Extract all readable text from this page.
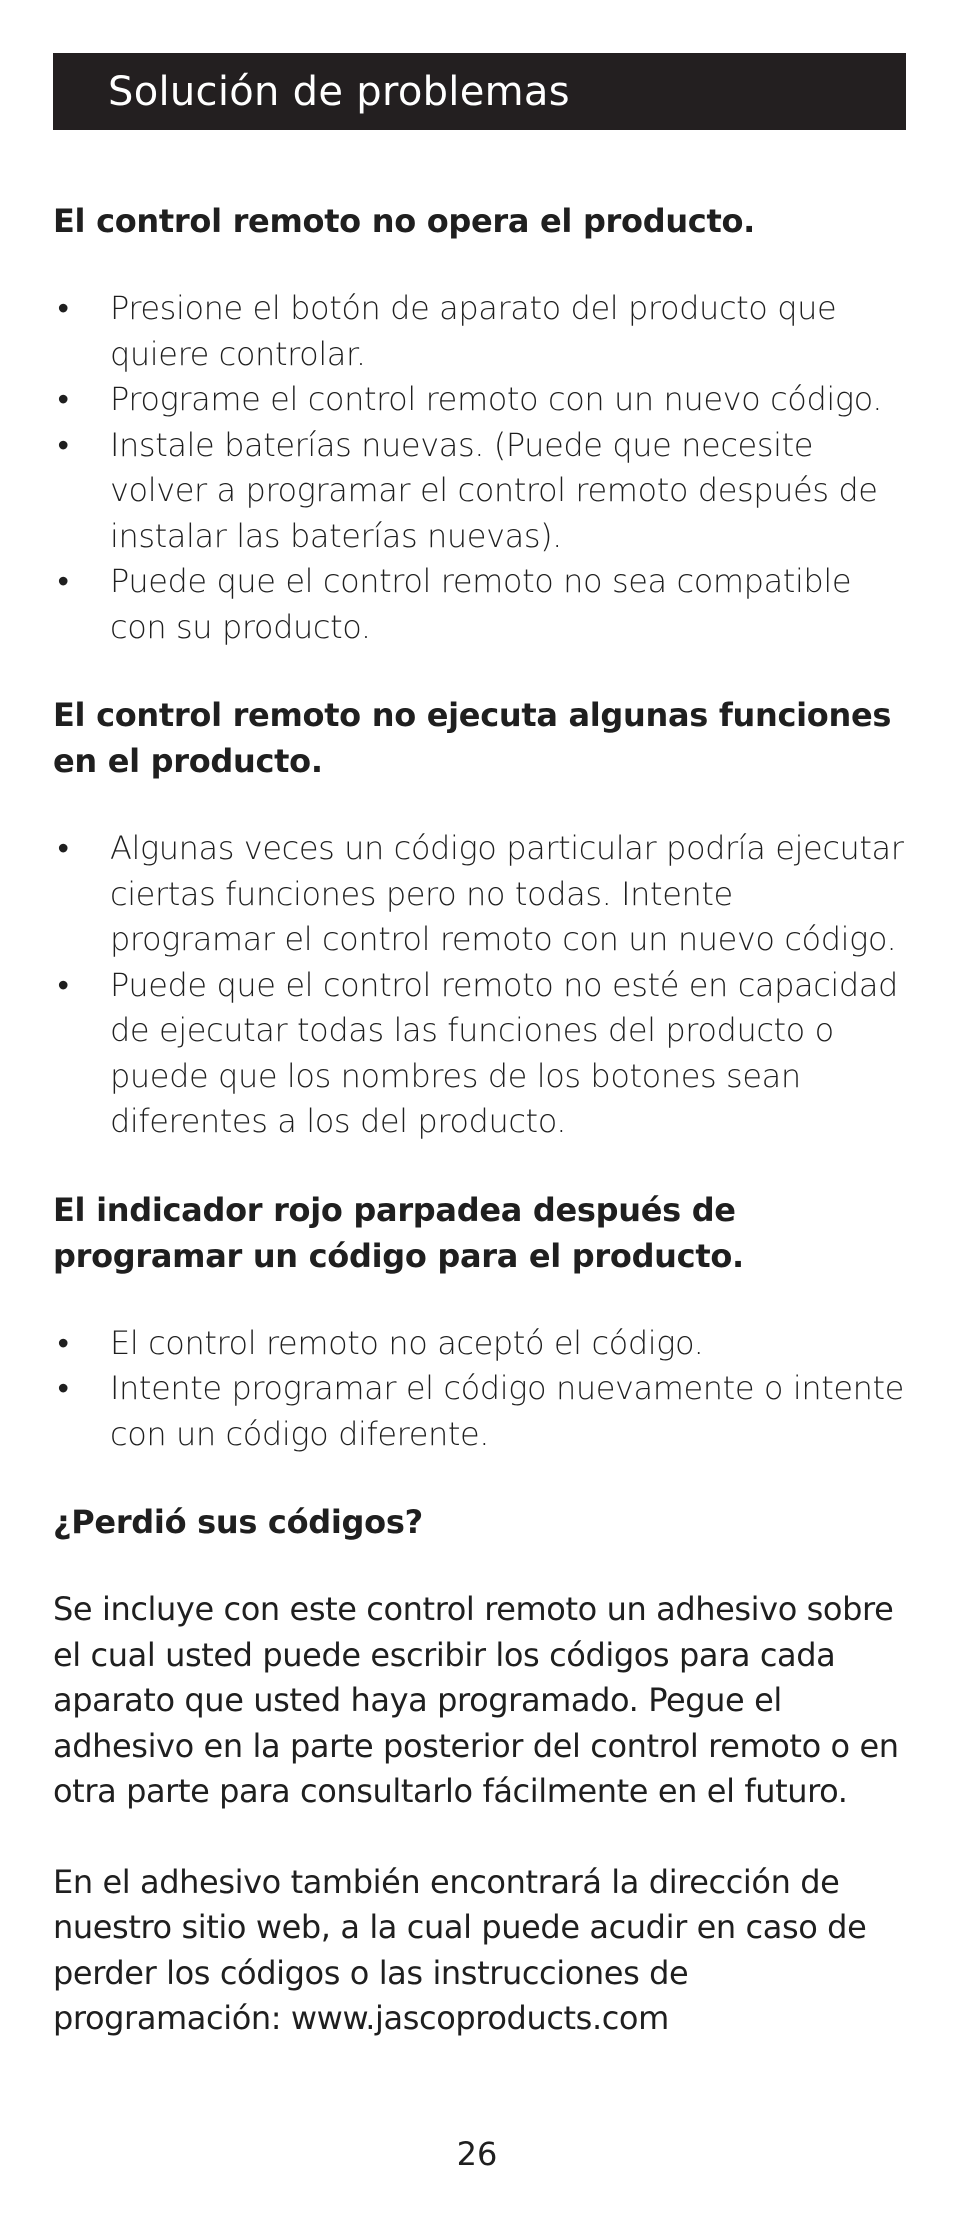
Solución de problemas
El control remoto no opera el producto.
• Presione el botón de aparato del producto que quiere controlar.
• Programe el control remoto con un nuevo código.
• Instale baterías nuevas. (Puede que necesite volver a programar el control remoto después de instalar las baterías nuevas).
• Puede que el control remoto no sea compatible con su producto.
El control remoto no ejecuta algunas funciones en el producto.
• Algunas veces un código particular podría ejecutar ciertas funciones pero no todas. Intente programar el control remoto con un nuevo código.
• Puede que el control remoto no esté en capacidad de ejecutar todas las funciones del producto o puede que los nombres de los botones sean diferentes a los del producto.
El indicador rojo parpadea después de programar un código para el producto.
• El control remoto no aceptó el código.
• Intente programar el código nuevamente o intente con un código diferente.
¿Perdió sus códigos?

Se incluye con este control remoto un adhesivo sobre el cual usted puede escribir los códigos para cada aparato que usted haya programado. Pegue el adhesivo en la parte posterior del control remoto o en otra parte para consultarlo fácilmente en el futuro.

En el adhesivo también encontrará la dirección de nuestro sitio web, a la cual puede acudir en caso de perder los códigos o las instrucciones de programación: www.jascoproducts.com

26
